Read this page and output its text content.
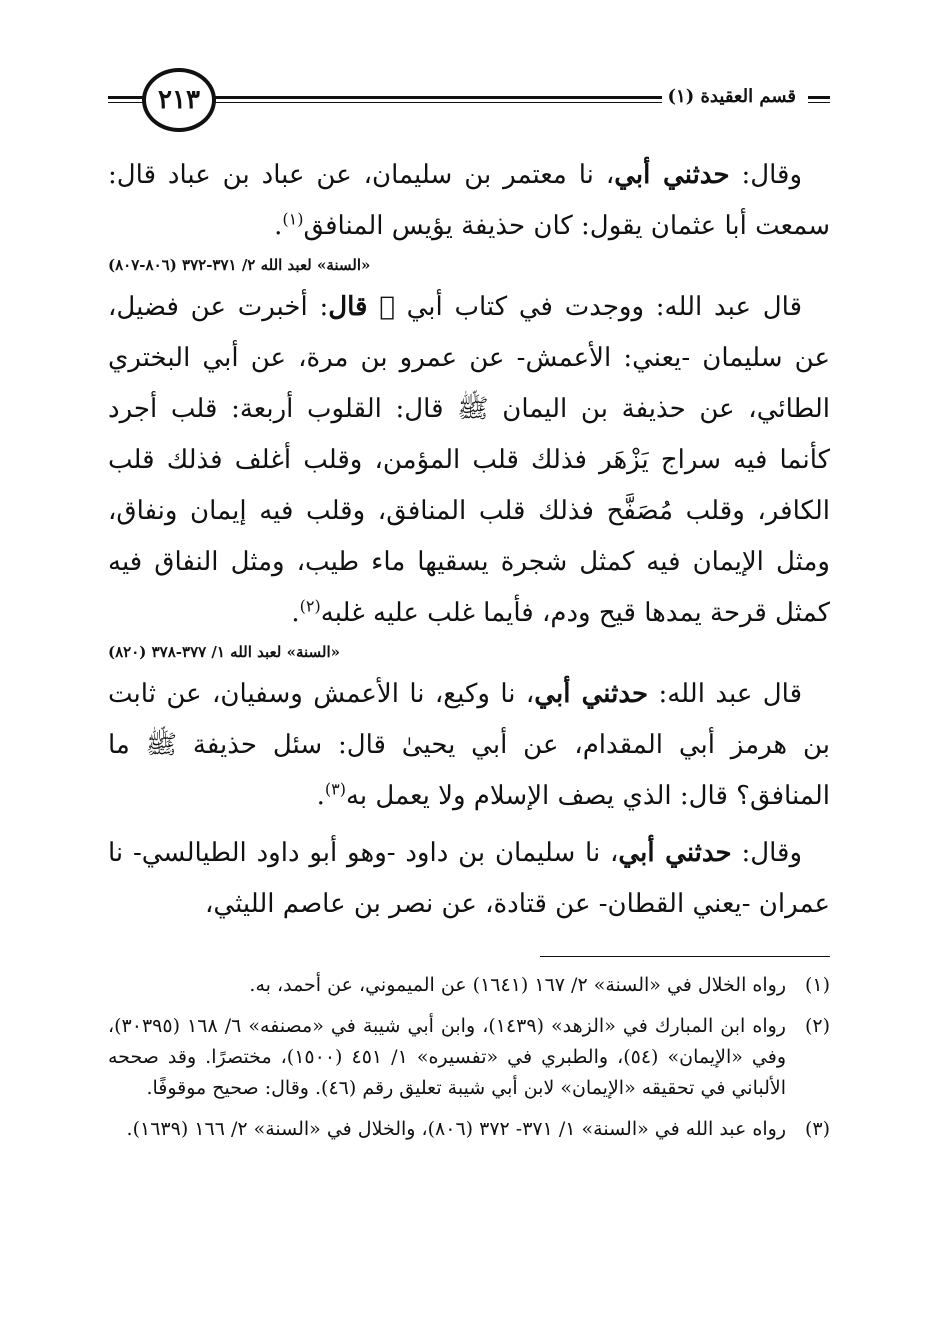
٢١٣	قسم العقيدة (١)

وقال: حدثني أبي، نا معتمر بن سليمان، عن عباد بن عباد قال: سمعت أبا عثمان يقول: كان حذيفة يؤيس المنافق$^{(١)}$.

«السنة» لعبد الله ٢/ ٣٧١-٣٧٢ (٨٠٦-٨٠٧)

قال عبد الله: ووجدت في كتاب أبي ﷬ قال: أخبرت عن فضيل، عن سليمان -يعني: الأعمش- عن عمرو بن مرة، عن أبي البختري الطائي، عن حذيفة بن اليمان ﷺ قال: القلوب أربعة: قلب أجرد كأنما فيه سراج يَزْهَر فذلك قلب المؤمن، وقلب أغلف فذلك قلب الكافر، وقلب مُصَفَّح فذلك قلب المنافق، وقلب فيه إيمان ونفاق، ومثل الإيمان فيه كمثل شجرة يسقيها ماء طيب، ومثل النفاق فيه كمثل قرحة يمدها قيح ودم، فأيما غلب عليه غلبه$^{(٢)}$.

«السنة» لعبد الله ١/ ٣٧٧-٣٧٨ (٨٢٠)

قال عبد الله: حدثني أبي، نا وكيع، نا الأعمش وسفيان، عن ثابت بن هرمز أبي المقدام، عن أبي يحيىٰ قال: سئل حذيفة ﷺ ما المنافق؟ قال: الذي يصف الإسلام ولا يعمل به$^{(٣)}$.

وقال: حدثني أبي، نا سليمان بن داود -وهو أبو داود الطيالسي- نا عمران -يعني القطان- عن قتادة، عن نصر بن عاصم الليثي،

(١)
رواه الخلال في «السنة» ٢/ ١٦٧ (١٦٤١) عن الميموني، عن أحمد، به.
(٢)
رواه ابن المبارك في «الزهد» (١٤٣٩)، وابن أبي شيبة في «مصنفه» ٦/ ١٦٨ (٣٠٣٩٥)، وفي «الإيمان» (٥٤)، والطبري في «تفسيره» ١/ ٤٥١ (١٥٠٠)، مختصرًا. وقد صححه الألباني في تحقيقه «الإيمان» لابن أبي شيبة تعليق رقم (٤٦). وقال: صحيح موقوفًا.
(٣)
رواه عبد الله في «السنة» ١/ ٣٧١- ٣٧٢ (٨٠٦)، والخلال في «السنة» ٢/ ١٦٦ (١٦٣٩).
